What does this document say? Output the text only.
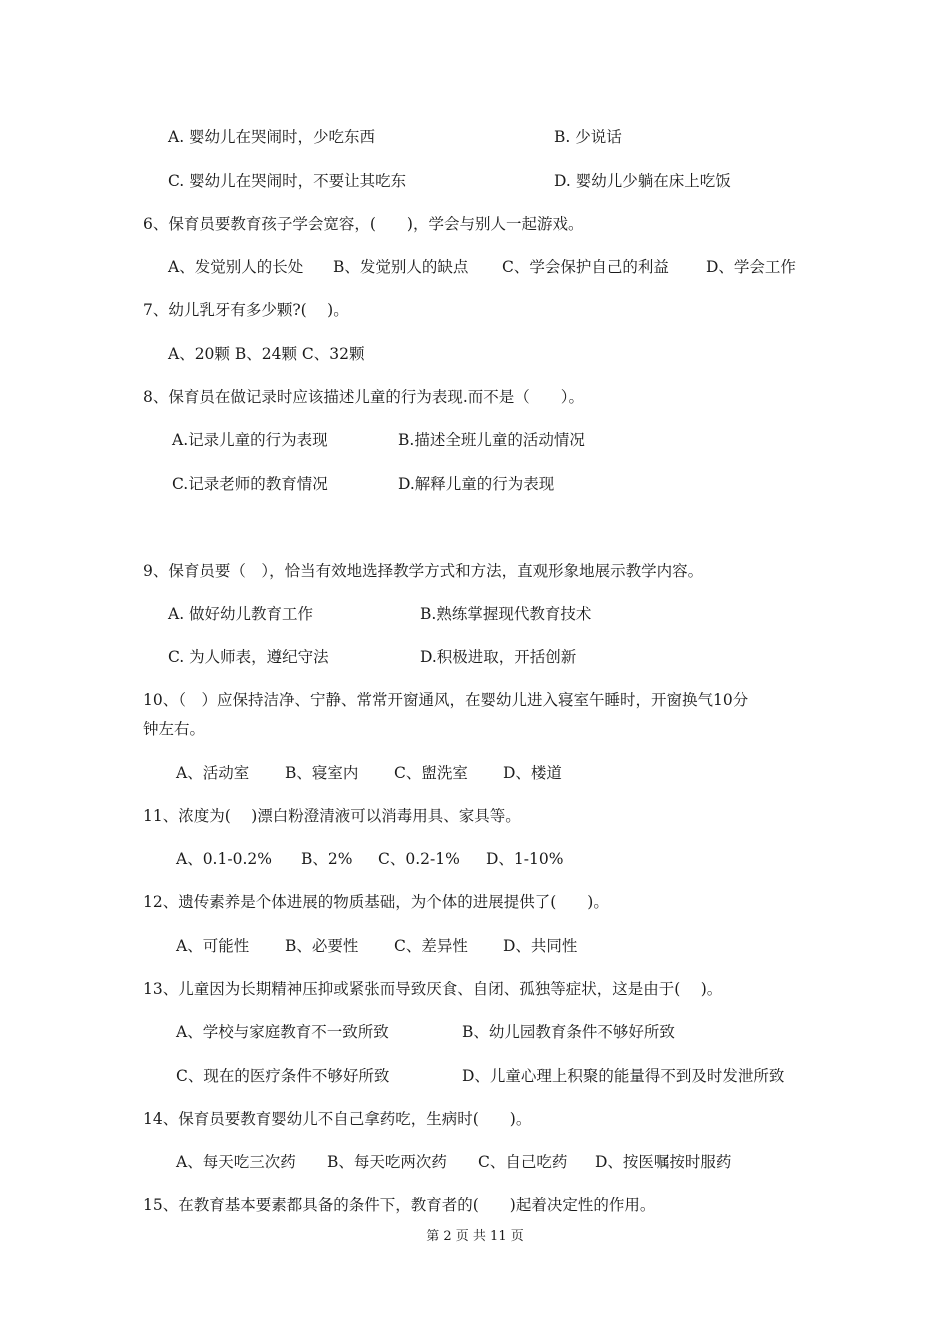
A. 婴幼儿在哭闹时，少吃东西	B. 少说话
C. 婴幼儿在哭闹时，不要让其吃东	D. 婴幼儿少躺在床上吃饭
6、保育员要教育孩子学会宽容，(　　)，学会与别人一起游戏。
A、发觉别人的长处 B、发觉别人的缺点 C、学会保护自己的利益 D、学会工作
7、幼儿乳牙有多少颗?(　 )。
A、20颗 B、24颗 C、32颗
8、保育员在做记录时应该描述儿童的行为表现.而不是（　　）。
A.记录儿童的行为表现	B.描述全班儿童的活动情况
C.记录老师的教育情况	D.解释儿童的行为表现
9、保育员要（　），恰当有效地选择教学方式和方法，直观形象地展示教学内容。
A. 做好幼儿教育工作	B.熟练掌握现代教育技术
C. 为人师表，遵纪守法	D.积极进取，开括创新
10、（　）应保持洁净、宁静、常常开窗通风，在婴幼儿进入寝室午睡时，开窗换气10分
钟左右。
A、活动室 B、寝室内 C、盥洗室 D、楼道
11、浓度为(　 )漂白粉澄清液可以消毒用具、家具等。
A、0.1-0.2% B、2% C、0.2-1% D、1-10%
12、遗传素养是个体进展的物质基础，为个体的进展提供了(　　)。
A、可能性 B、必要性 C、差异性 D、共同性
13、儿童因为长期精神压抑或紧张而导致厌食、自闭、孤独等症状，这是由于(　 )。
A、学校与家庭教育不一致所致	B、幼儿园教育条件不够好所致
C、现在的医疗条件不够好所致	D、儿童心理上积聚的能量得不到及时发泄所致
14、保育员要教育婴幼儿不自己拿药吃，生病时(　　)。
A、每天吃三次药 B、每天吃两次药 C、自己吃药 D、按医嘱按时服药
15、在教育基本要素都具备的条件下，教育者的(　　)起着决定性的作用。
第 2 页 共 11 页
